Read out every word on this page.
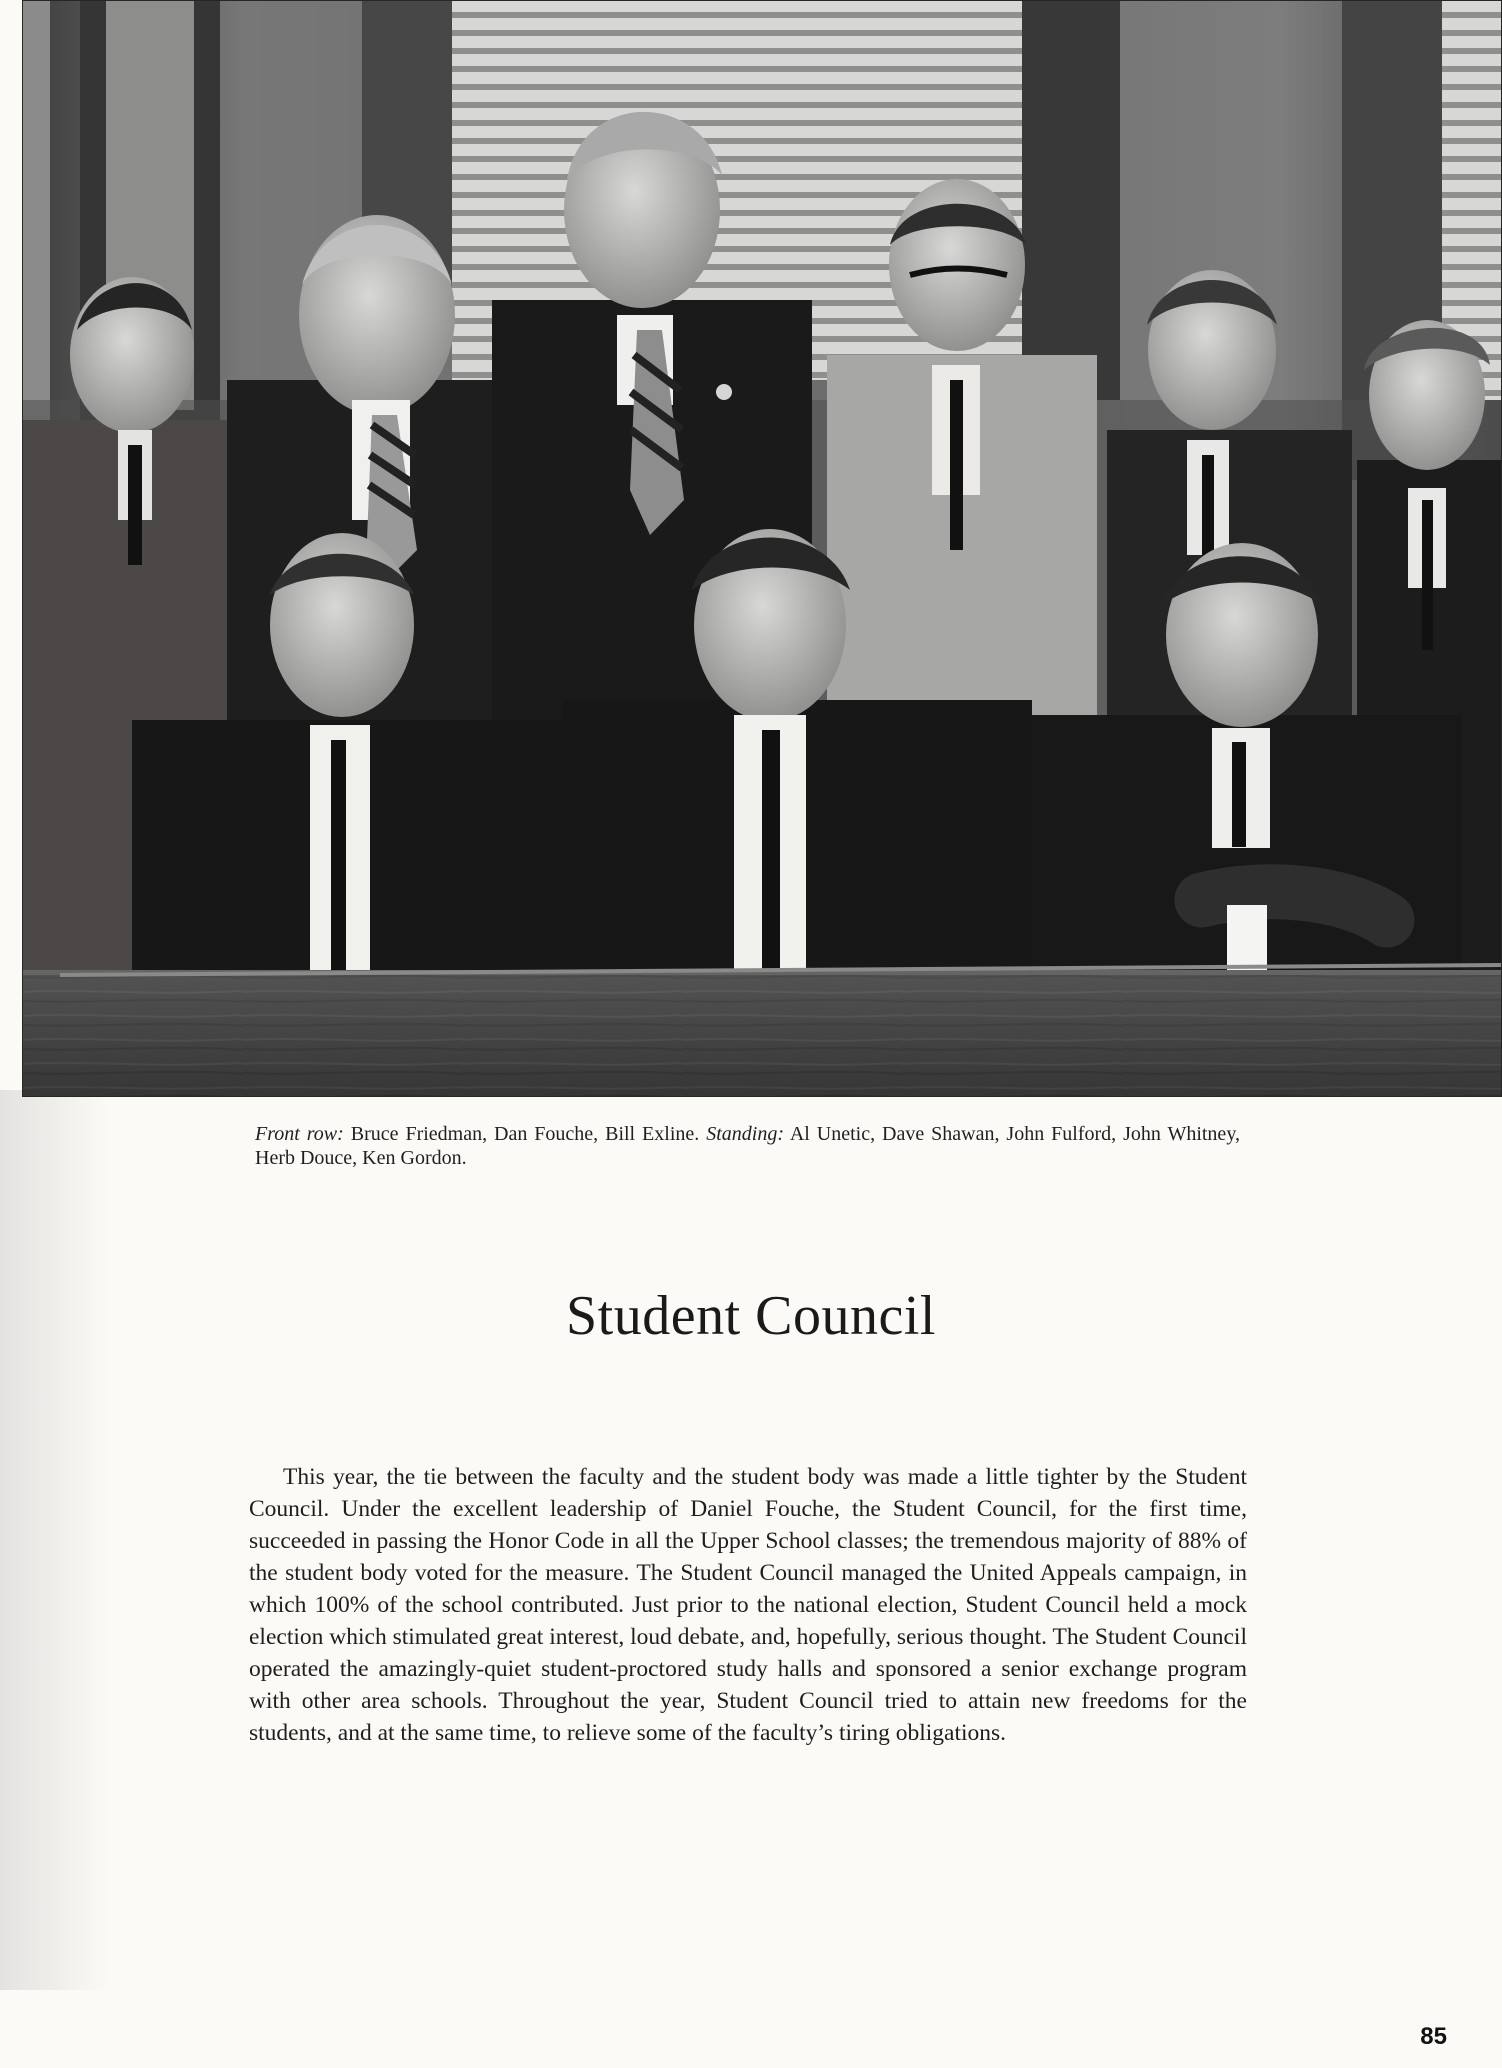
Front row: Bruce Friedman, Dan Fouche, Bill Exline. Standing: Al Unetic, Dave Shawan, John Fulford, John Whitney, Herb Douce, Ken Gordon.
Student Council

This year, the tie between the faculty and the student body was made a little tighter by the Student Council. Under the excellent leadership of Daniel Fouche, the Student Council, for the first time, succeeded in passing the Honor Code in all the Upper School classes; the tremendous majority of 88% of the student body voted for the measure. The Student Council managed the United Appeals campaign, in which 100% of the school contributed. Just prior to the national election, Student Council held a mock election which stimulated great interest, loud debate, and, hopefully, serious thought. The Student Council operated the amazingly-quiet student-proctored study halls and sponsored a senior exchange program with other area schools. Throughout the year, Student Council tried to attain new freedoms for the students, and at the same time, to relieve some of the faculty’s tiring obligations.

85
